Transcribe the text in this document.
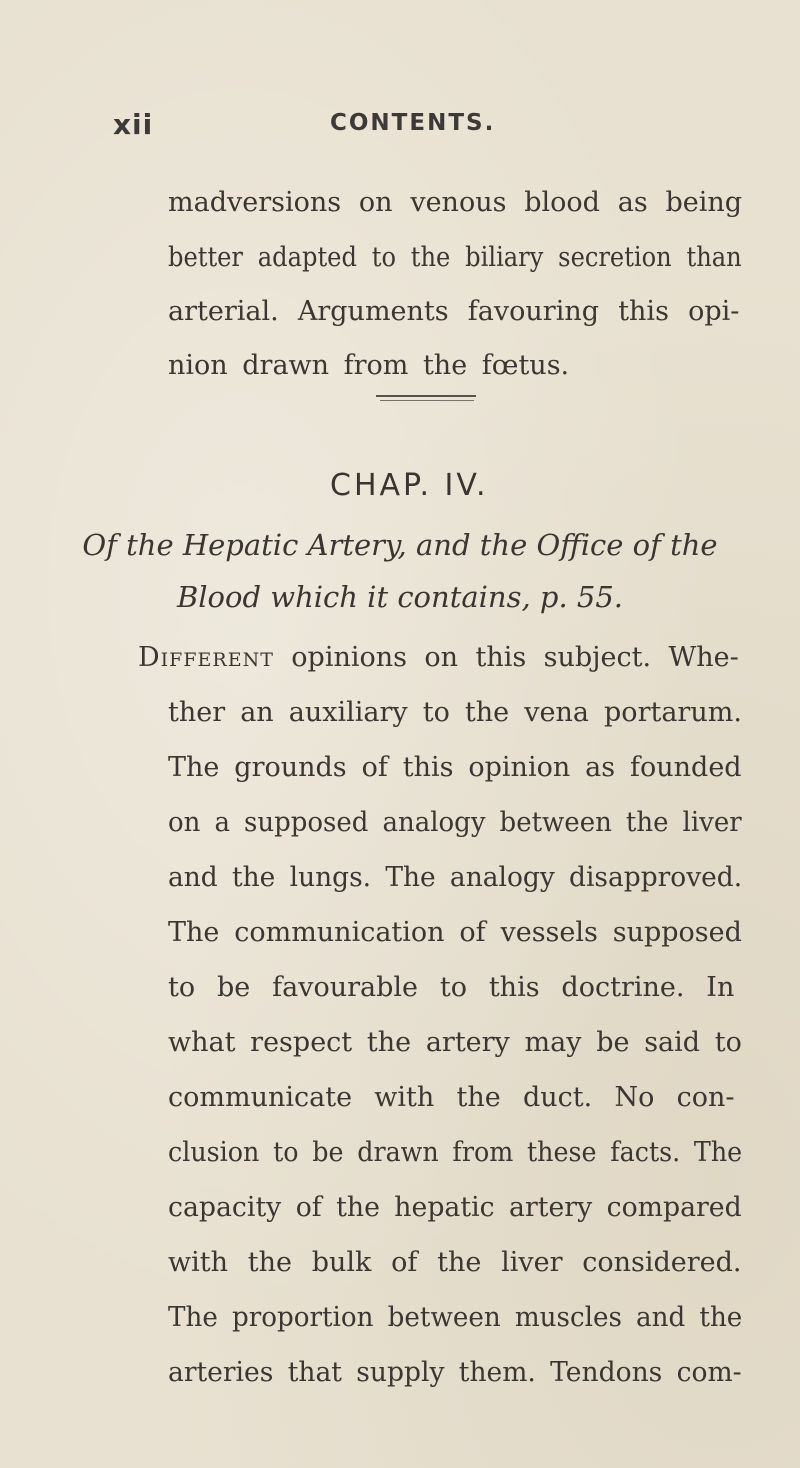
xii	CONTENTS.
madversions on venous blood as being
better adapted to the biliary secretion than
arterial. Arguments favouring this opi-
nion drawn from the fœtus.
CHAP. IV.
Of the Hepatic Artery, and the Office of the
Blood which it contains, p. 55.
Different opinions on this subject. Whe-
ther an auxiliary to the vena portarum.
The grounds of this opinion as founded
on a supposed analogy between the liver
and the lungs. The analogy disapproved.
The communication of vessels supposed
to be favourable to this doctrine. In
what respect the artery may be said to
communicate with the duct. No con-
clusion to be drawn from these facts. The
capacity of the hepatic artery compared
with the bulk of the liver considered.
The proportion between muscles and the
arteries that supply them. Tendons com-
